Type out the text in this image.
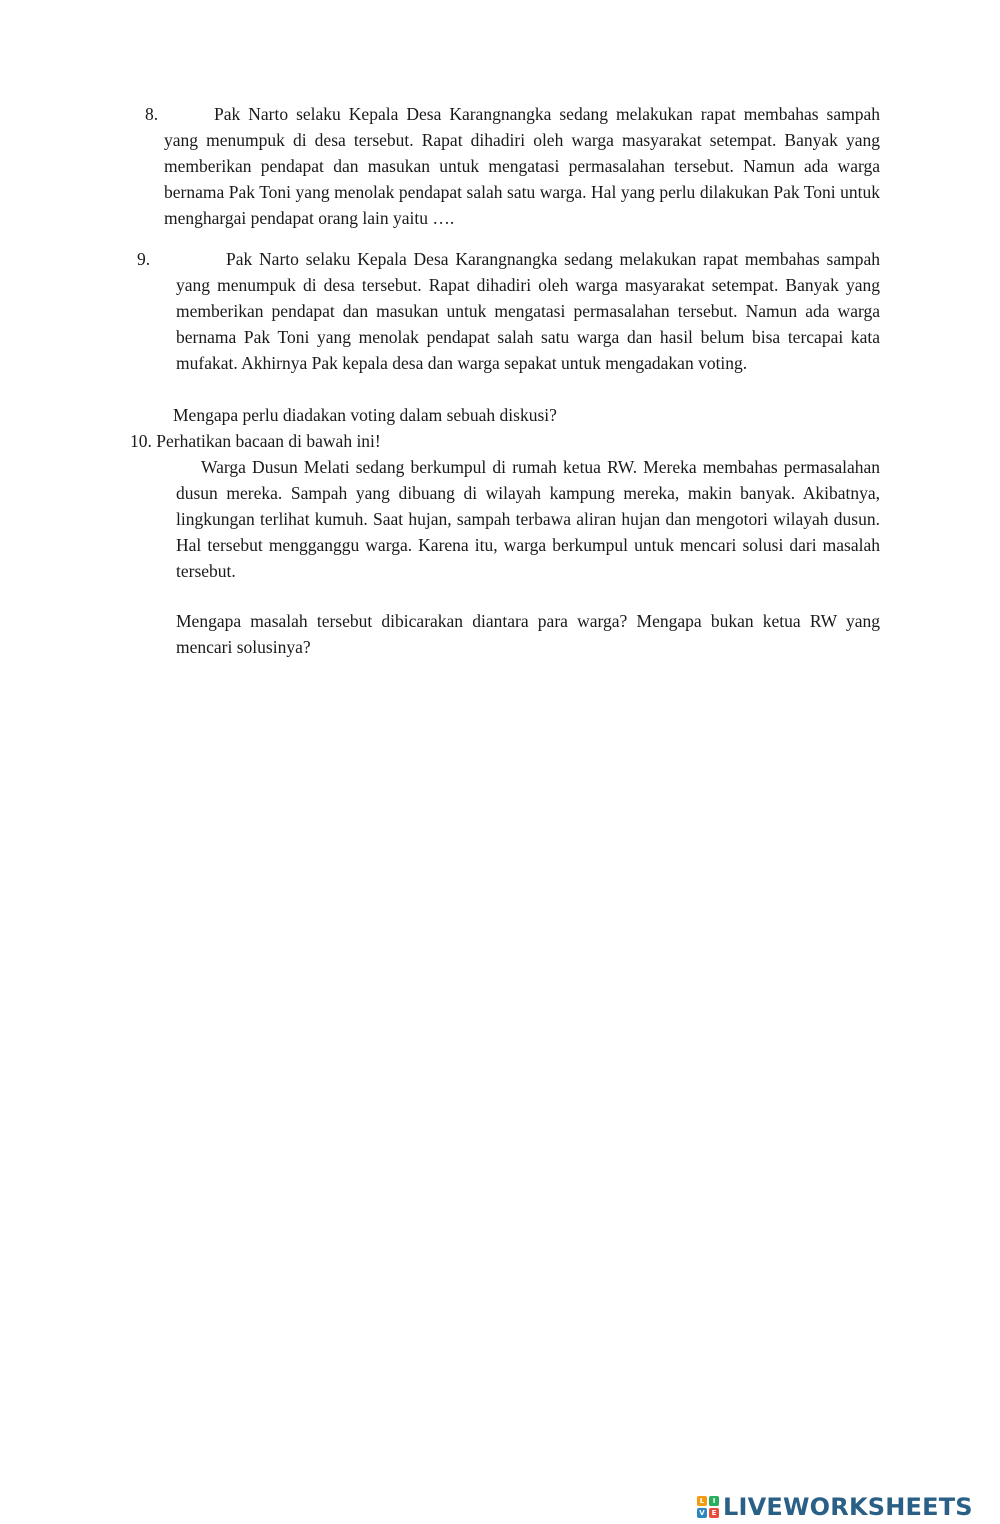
8.	Pak Narto selaku Kepala Desa Karangnangka sedang melakukan rapat membahas sampah yang menumpuk di desa tersebut. Rapat dihadiri oleh warga masyarakat setempat. Banyak yang memberikan pendapat dan masukan untuk mengatasi permasalahan tersebut. Namun ada warga bernama Pak Toni yang menolak pendapat salah satu warga. Hal yang perlu dilakukan Pak Toni untuk menghargai pendapat orang lain yaitu ….

9.	Pak Narto selaku Kepala Desa Karangnangka sedang melakukan rapat membahas sampah yang menumpuk di desa tersebut. Rapat dihadiri oleh warga masyarakat setempat. Banyak yang memberikan pendapat dan masukan untuk mengatasi permasalahan tersebut. Namun ada warga bernama Pak Toni yang menolak pendapat salah satu warga dan hasil belum bisa tercapai kata mufakat. Akhirnya Pak kepala desa dan warga sepakat untuk mengadakan voting.

Mengapa perlu diadakan voting dalam sebuah diskusi?

10. Perhatikan bacaan di bawah ini!

Warga Dusun Melati sedang berkumpul di rumah ketua RW. Mereka membahas permasalahan dusun mereka. Sampah yang dibuang di wilayah kampung mereka, makin banyak. Akibatnya, lingkungan terlihat kumuh. Saat hujan, sampah terbawa aliran hujan dan mengotori wilayah dusun. Hal tersebut mengganggu warga. Karena itu, warga berkumpul untuk mencari solusi dari masalah tersebut.

Mengapa masalah tersebut dibicarakan diantara para warga? Mengapa bukan ketua RW yang mencari solusinya?

L	I
V E LIVEWORKSHEETS
